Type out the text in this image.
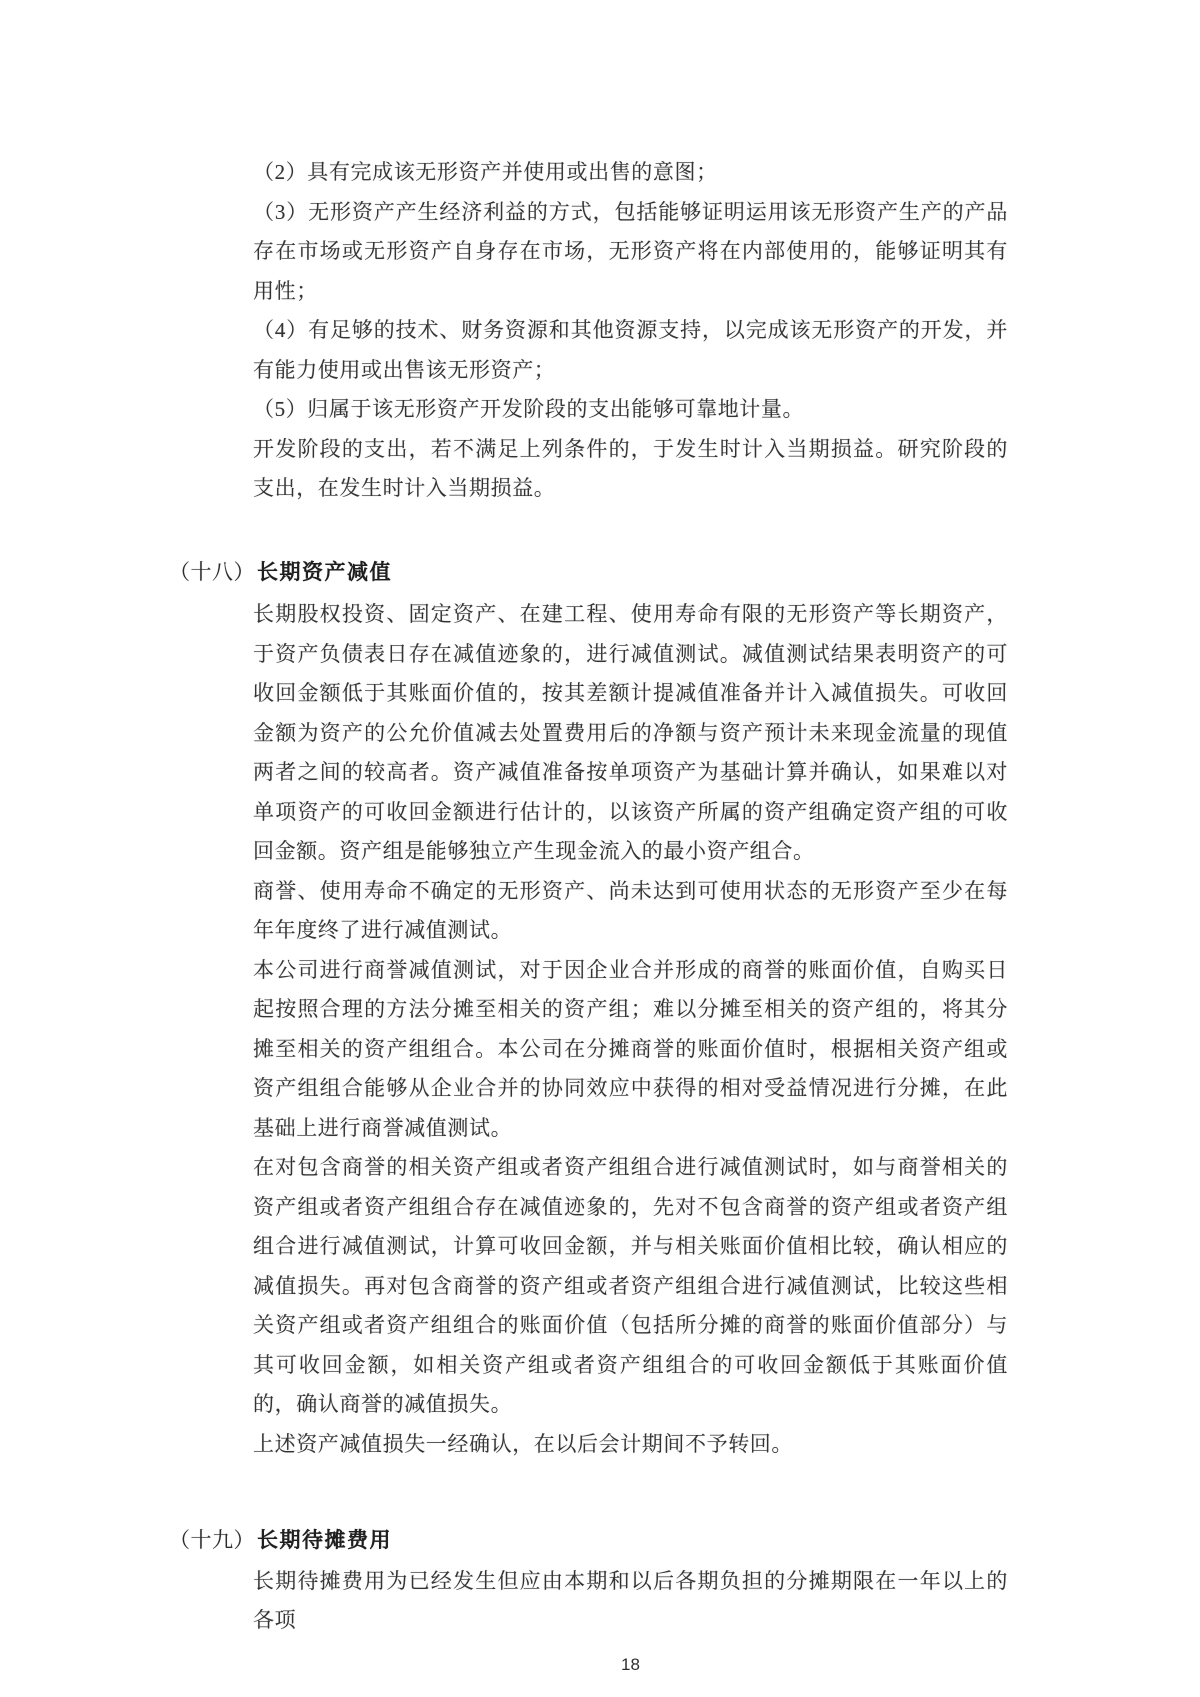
（2）具有完成该无形资产并使用或出售的意图；
（3）无形资产产生经济利益的方式，包括能够证明运用该无形资产生产的产品存在市场或无形资产自身存在市场，无形资产将在内部使用的，能够证明其有用性；
（4）有足够的技术、财务资源和其他资源支持，以完成该无形资产的开发，并有能力使用或出售该无形资产；
（5）归属于该无形资产开发阶段的支出能够可靠地计量。
开发阶段的支出，若不满足上列条件的，于发生时计入当期损益。研究阶段的支出，在发生时计入当期损益。
（十八）长期资产减值
长期股权投资、固定资产、在建工程、使用寿命有限的无形资产等长期资产，于资产负债表日存在减值迹象的，进行减值测试。减值测试结果表明资产的可收回金额低于其账面价值的，按其差额计提减值准备并计入减值损失。可收回金额为资产的公允价值减去处置费用后的净额与资产预计未来现金流量的现值两者之间的较高者。资产减值准备按单项资产为基础计算并确认，如果难以对单项资产的可收回金额进行估计的，以该资产所属的资产组确定资产组的可收回金额。资产组是能够独立产生现金流入的最小资产组合。
商誉、使用寿命不确定的无形资产、尚未达到可使用状态的无形资产至少在每年年度终了进行减值测试。
本公司进行商誉减值测试，对于因企业合并形成的商誉的账面价值，自购买日起按照合理的方法分摊至相关的资产组；难以分摊至相关的资产组的，将其分摊至相关的资产组组合。本公司在分摊商誉的账面价值时，根据相关资产组或资产组组合能够从企业合并的协同效应中获得的相对受益情况进行分摊，在此基础上进行商誉减值测试。
在对包含商誉的相关资产组或者资产组组合进行减值测试时，如与商誉相关的资产组或者资产组组合存在减值迹象的，先对不包含商誉的资产组或者资产组组合进行减值测试，计算可收回金额，并与相关账面价值相比较，确认相应的减值损失。再对包含商誉的资产组或者资产组组合进行减值测试，比较这些相关资产组或者资产组组合的账面价值（包括所分摊的商誉的账面价值部分）与其可收回金额，如相关资产组或者资产组组合的可收回金额低于其账面价值的，确认商誉的减值损失。
上述资产减值损失一经确认，在以后会计期间不予转回。
（十九）长期待摊费用
长期待摊费用为已经发生但应由本期和以后各期负担的分摊期限在一年以上的各项
18
